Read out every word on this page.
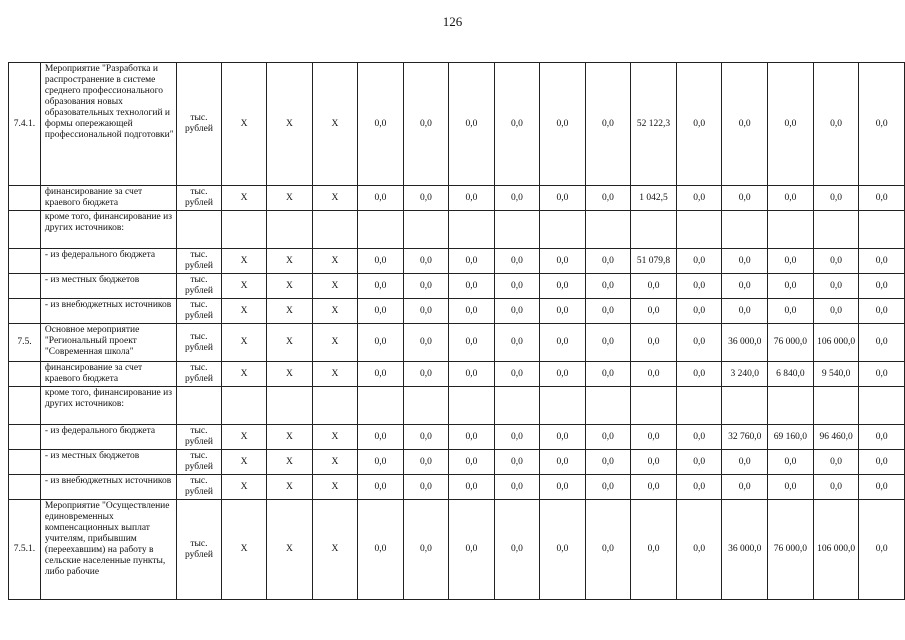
126
7.4.1.	Мероприятие "Разработка и распространение в системе среднего профессионального образования новых образовательных технологий и формы опережающей профессиональной подготовки"	тыс. рублей	X	X	X	0,0	0,0	0,0	0,0	0,0	0,0	52 122,3	0,0	0,0	0,0	0,0	0,0
	финансирование за счет краевого бюджета	тыс. рублей	X	X	X	0,0	0,0	0,0	0,0	0,0	0,0	1 042,5	0,0	0,0	0,0	0,0	0,0
	кроме того, финансирование из других источников:																
	- из федерального бюджета	тыс. рублей	X	X	X	0,0	0,0	0,0	0,0	0,0	0,0	51 079,8	0,0	0,0	0,0	0,0	0,0
	- из местных бюджетов	тыс. рублей	X	X	X	0,0	0,0	0,0	0,0	0,0	0,0	0,0	0,0	0,0	0,0	0,0	0,0
	- из внебюджетных источников	тыс. рублей	X	X	X	0,0	0,0	0,0	0,0	0,0	0,0	0,0	0,0	0,0	0,0	0,0	0,0
7.5.	Основное мероприятие "Региональный проект "Современная школа"	тыс. рублей	X	X	X	0,0	0,0	0,0	0,0	0,0	0,0	0,0	0,0	36 000,0	76 000,0	106 000,0	0,0
	финансирование за счет краевого бюджета	тыс. рублей	X	X	X	0,0	0,0	0,0	0,0	0,0	0,0	0,0	0,0	3 240,0	6 840,0	9 540,0	0,0
	кроме того, финансирование из других источников:																
	- из федерального бюджета	тыс. рублей	X	X	X	0,0	0,0	0,0	0,0	0,0	0,0	0,0	0,0	32 760,0	69 160,0	96 460,0	0,0
	- из местных бюджетов	тыс. рублей	X	X	X	0,0	0,0	0,0	0,0	0,0	0,0	0,0	0,0	0,0	0,0	0,0	0,0
	- из внебюджетных источников	тыс. рублей	X	X	X	0,0	0,0	0,0	0,0	0,0	0,0	0,0	0,0	0,0	0,0	0,0	0,0
7.5.1.	Мероприятие "Осуществление единовременных компенсационных выплат учителям, прибывшим (переехавшим) на работу в сельские населенные пункты, либо рабочие	тыс. рублей	X	X	X	0,0	0,0	0,0	0,0	0,0	0,0	0,0	0,0	36 000,0	76 000,0	106 000,0	0,0
